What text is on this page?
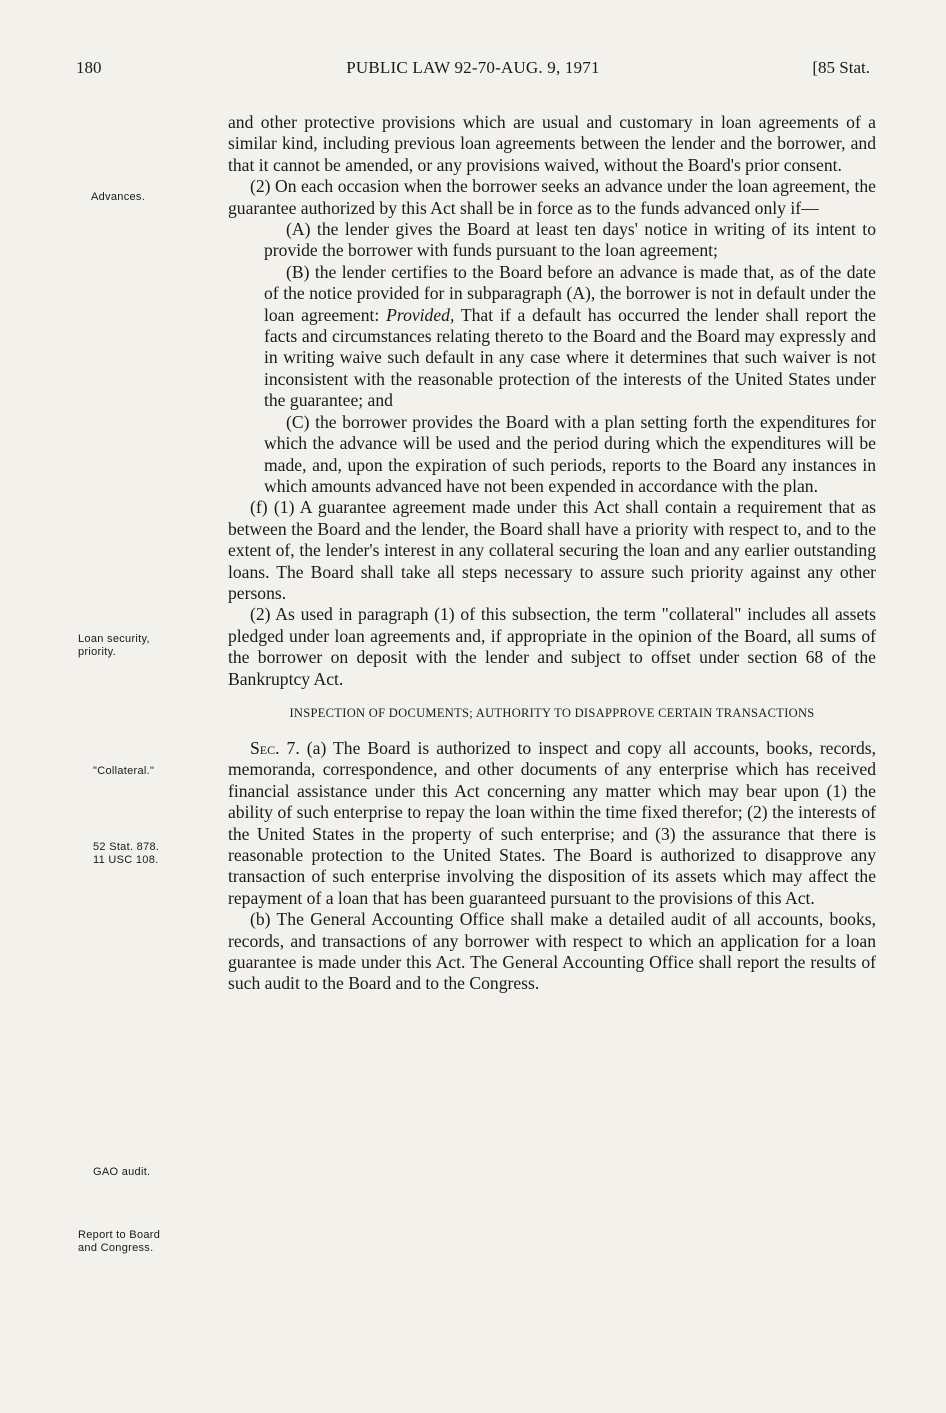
180	PUBLIC LAW 92-70-AUG. 9, 1971	[85 Stat.
Advances.
Loan security,
priority.
"Collateral."
52 Stat. 878.
11 USC 108.
GAO audit.
Report to Board
and Congress.

and other protective provisions which are usual and customary in loan agreements of a similar kind, including previous loan agreements between the lender and the borrower, and that it cannot be amended, or any provisions waived, without the Board's prior consent.

(2) On each occasion when the borrower seeks an advance under the loan agreement, the guarantee authorized by this Act shall be in force as to the funds advanced only if—

(A) the lender gives the Board at least ten days' notice in writing of its intent to provide the borrower with funds pursuant to the loan agreement;

(B) the lender certifies to the Board before an advance is made that, as of the date of the notice provided for in subparagraph (A), the borrower is not in default under the loan agreement: Provided, That if a default has occurred the lender shall report the facts and circumstances relating thereto to the Board and the Board may expressly and in writing waive such default in any case where it determines that such waiver is not inconsistent with the reasonable protection of the interests of the United States under the guarantee; and

(C) the borrower provides the Board with a plan setting forth the expenditures for which the advance will be used and the period during which the expenditures will be made, and, upon the expiration of such periods, reports to the Board any instances in which amounts advanced have not been expended in accordance with the plan.

(f) (1) A guarantee agreement made under this Act shall contain a requirement that as between the Board and the lender, the Board shall have a priority with respect to, and to the extent of, the lender's interest in any collateral securing the loan and any earlier outstanding loans. The Board shall take all steps necessary to assure such priority against any other persons.

(2) As used in paragraph (1) of this subsection, the term "collateral" includes all assets pledged under loan agreements and, if appropriate in the opinion of the Board, all sums of the borrower on deposit with the lender and subject to offset under section 68 of the Bankruptcy Act.

INSPECTION OF DOCUMENTS; AUTHORITY TO DISAPPROVE CERTAIN TRANSACTIONS

Sec. 7. (a) The Board is authorized to inspect and copy all accounts, books, records, memoranda, correspondence, and other documents of any enterprise which has received financial assistance under this Act concerning any matter which may bear upon (1) the ability of such enterprise to repay the loan within the time fixed therefor; (2) the interests of the United States in the property of such enterprise; and (3) the assurance that there is reasonable protection to the United States. The Board is authorized to disapprove any transaction of such enterprise involving the disposition of its assets which may affect the repayment of a loan that has been guaranteed pursuant to the provisions of this Act.

(b) The General Accounting Office shall make a detailed audit of all accounts, books, records, and transactions of any borrower with respect to which an application for a loan guarantee is made under this Act. The General Accounting Office shall report the results of such audit to the Board and to the Congress.
